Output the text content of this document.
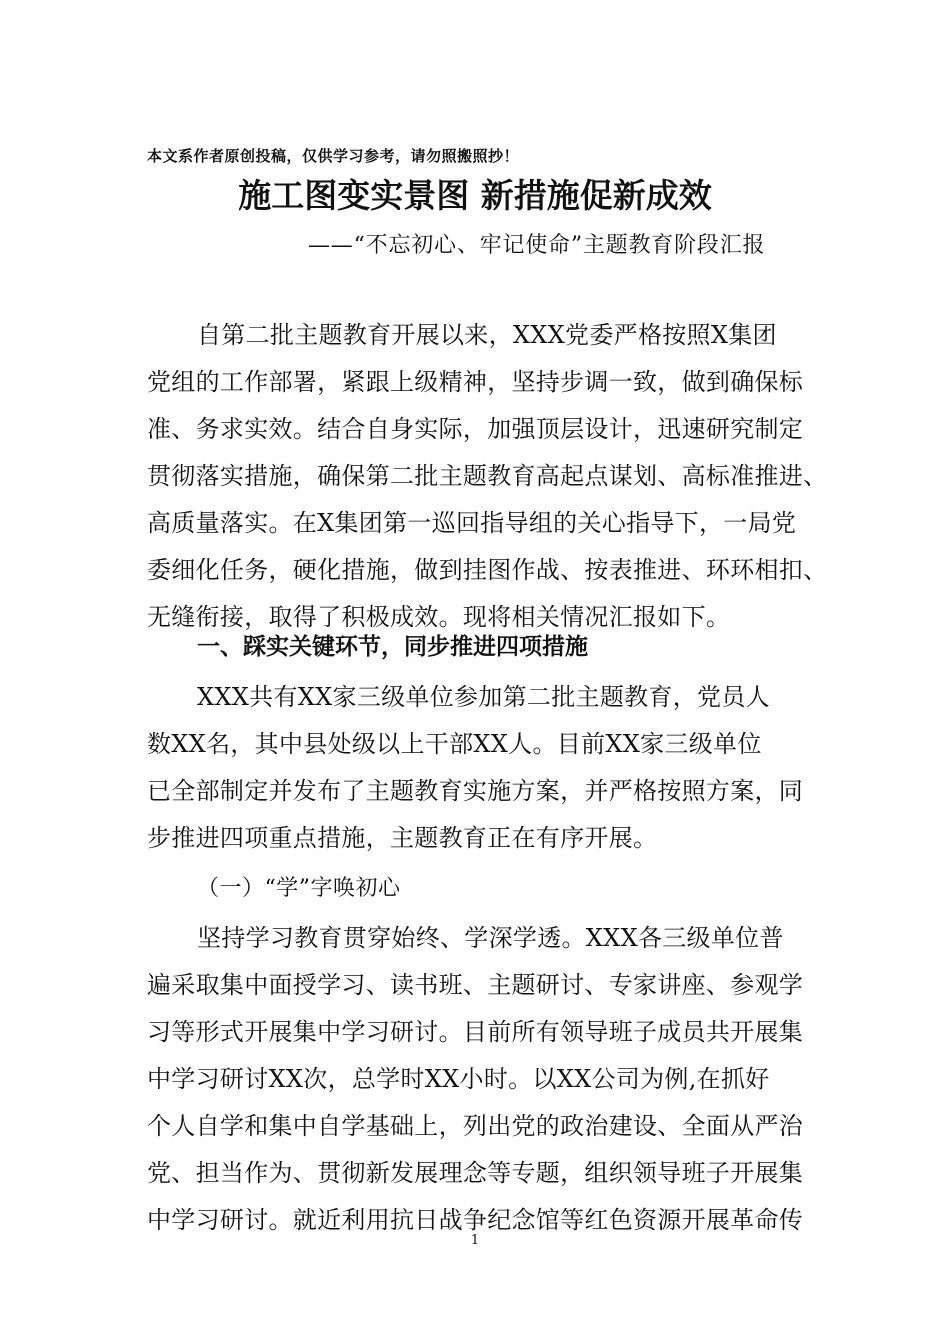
本文系作者原创投稿，仅供学习参考，请勿照搬照抄！
施工图变实景图 新措施促新成效
——“不忘初心、牢记使命”主题教育阶段汇报
自第二批主题教育开展以来，XXX党委严格按照X集团
党组的工作部署，紧跟上级精神，坚持步调一致，做到确保标
准、务求实效。结合自身实际，加强顶层设计，迅速研究制定
贯彻落实措施，确保第二批主题教育高起点谋划、高标准推进、
高质量落实。在X集团第一巡回指导组的关心指导下，一局党
委细化任务，硬化措施，做到挂图作战、按表推进、环环相扣、
无缝衔接，取得了积极成效。现将相关情况汇报如下。
一、踩实关键环节，同步推进四项措施
XXX共有XX家三级单位参加第二批主题教育，党员人
数XX名，其中县处级以上干部XX人。目前XX家三级单位
已全部制定并发布了主题教育实施方案，并严格按照方案，同
步推进四项重点措施，主题教育正在有序开展。
（一）“学”字唤初心
坚持学习教育贯穿始终、学深学透。XXX各三级单位普
遍采取集中面授学习、读书班、主题研讨、专家讲座、参观学
习等形式开展集中学习研讨。目前所有领导班子成员共开展集
中学习研讨XX次，总学时XX小时。以XX公司为例,在抓好
个人自学和集中自学基础上，列出党的政治建设、全面从严治
党、担当作为、贯彻新发展理念等专题，组织领导班子开展集
中学习研讨。就近利用抗日战争纪念馆等红色资源开展革命传
1
